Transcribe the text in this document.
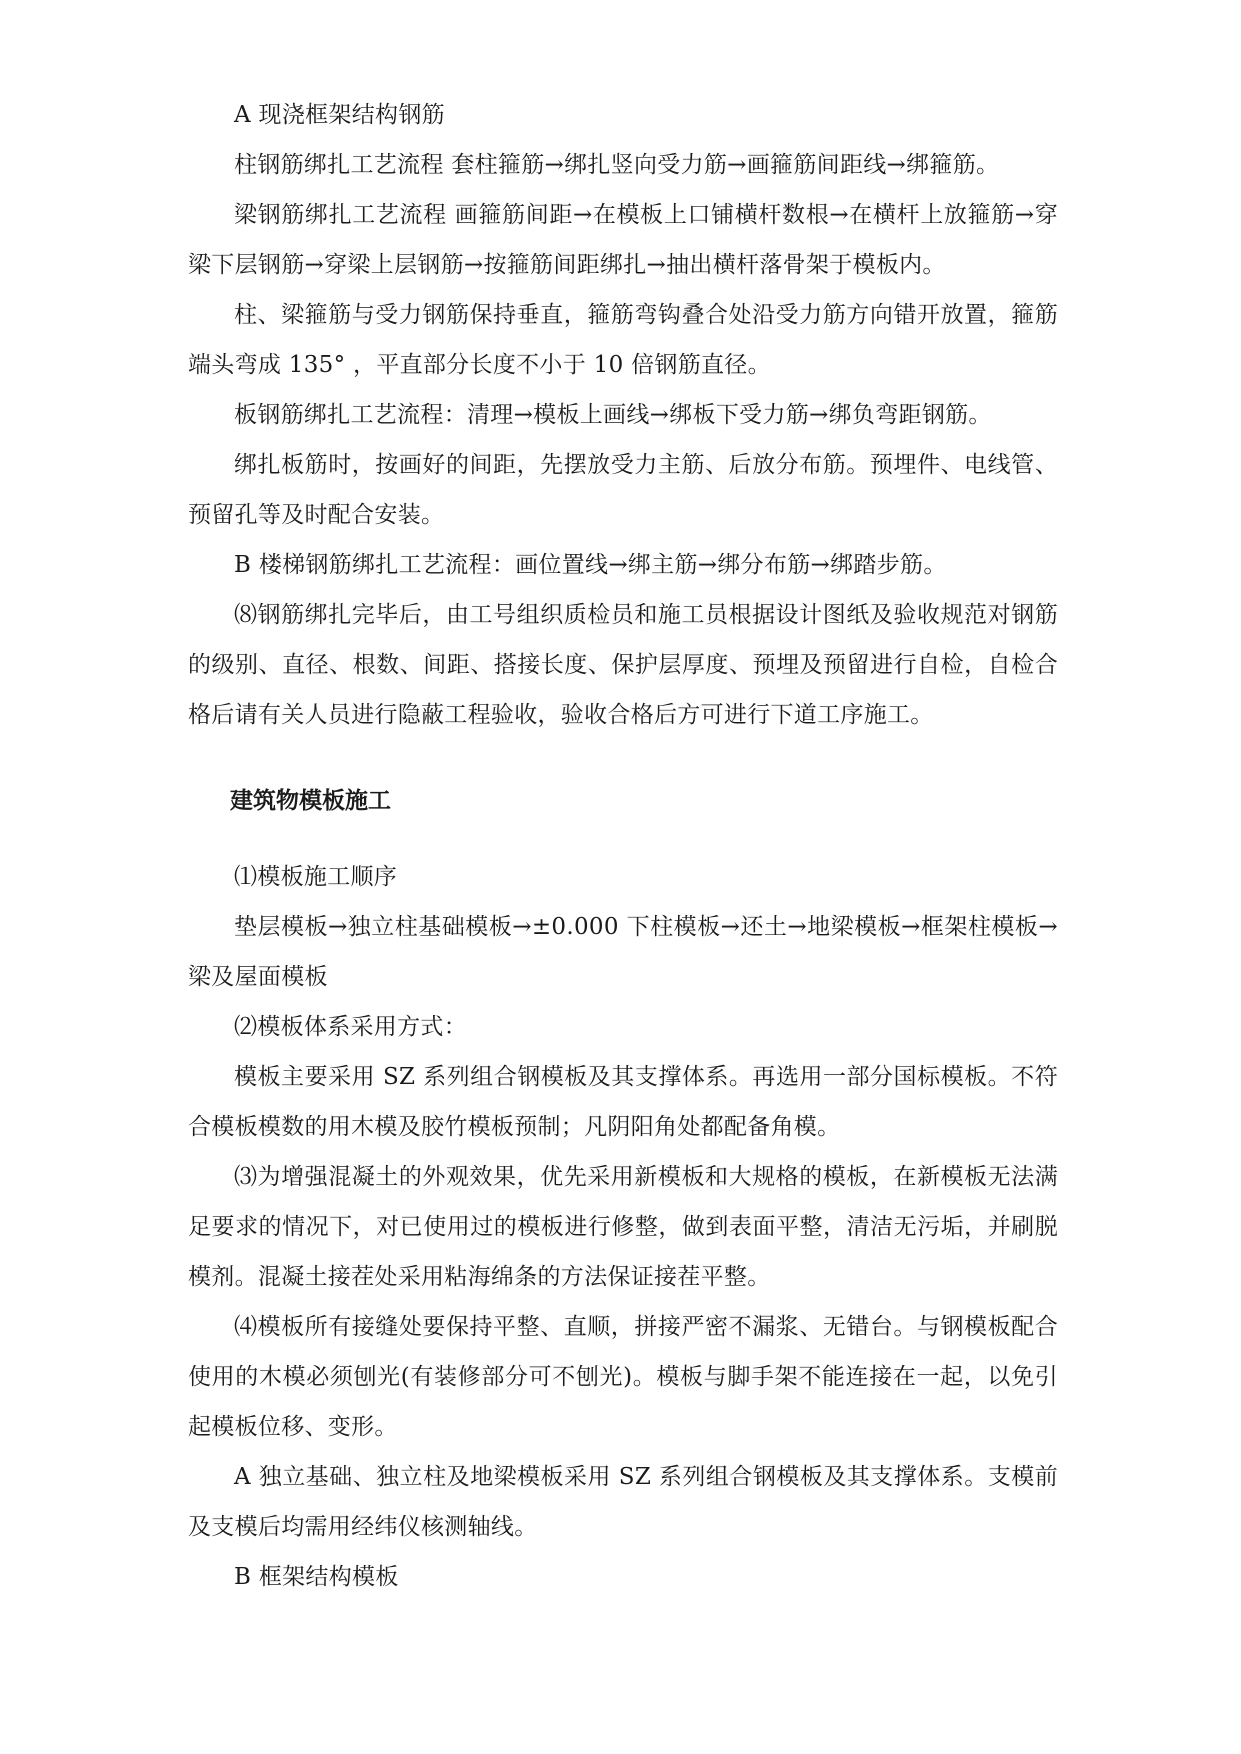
A 现浇框架结构钢筋

柱钢筋绑扎工艺流程 套柱箍筋→绑扎竖向受力筋→画箍筋间距线→绑箍筋。

梁钢筋绑扎工艺流程 画箍筋间距→在模板上口铺横杆数根→在横杆上放箍筋→穿梁下层钢筋→穿梁上层钢筋→按箍筋间距绑扎→抽出横杆落骨架于模板内。

柱、梁箍筋与受力钢筋保持垂直，箍筋弯钩叠合处沿受力筋方向错开放置，箍筋端头弯成 135° ，平直部分长度不小于 10 倍钢筋直径。

板钢筋绑扎工艺流程：清理→模板上画线→绑板下受力筋→绑负弯距钢筋。

绑扎板筋时，按画好的间距，先摆放受力主筋、后放分布筋。预埋件、电线管、预留孔等及时配合安装。

B 楼梯钢筋绑扎工艺流程：画位置线→绑主筋→绑分布筋→绑踏步筋。

⑻钢筋绑扎完毕后，由工号组织质检员和施工员根据设计图纸及验收规范对钢筋的级别、直径、根数、间距、搭接长度、保护层厚度、预埋及预留进行自检，自检合格后请有关人员进行隐蔽工程验收，验收合格后方可进行下道工序施工。

建筑物模板施工

⑴模板施工顺序

垫层模板→独立柱基础模板→±0.000 下柱模板→还土→地梁模板→框架柱模板→梁及屋面模板

⑵模板体系采用方式：

模板主要采用 SZ 系列组合钢模板及其支撑体系。再选用一部分国标模板。不符合模板模数的用木模及胶竹模板预制；凡阴阳角处都配备角模。

⑶为增强混凝土的外观效果，优先采用新模板和大规格的模板，在新模板无法满足要求的情况下，对已使用过的模板进行修整，做到表面平整，清洁无污垢，并刷脱模剂。混凝土接茬处采用粘海绵条的方法保证接茬平整。

⑷模板所有接缝处要保持平整、直顺，拼接严密不漏浆、无错台。与钢模板配合使用的木模必须刨光(有装修部分可不刨光)。模板与脚手架不能连接在一起，以免引起模板位移、变形。

A 独立基础、独立柱及地梁模板采用 SZ 系列组合钢模板及其支撑体系。支模前及支模后均需用经纬仪核测轴线。

B 框架结构模板
